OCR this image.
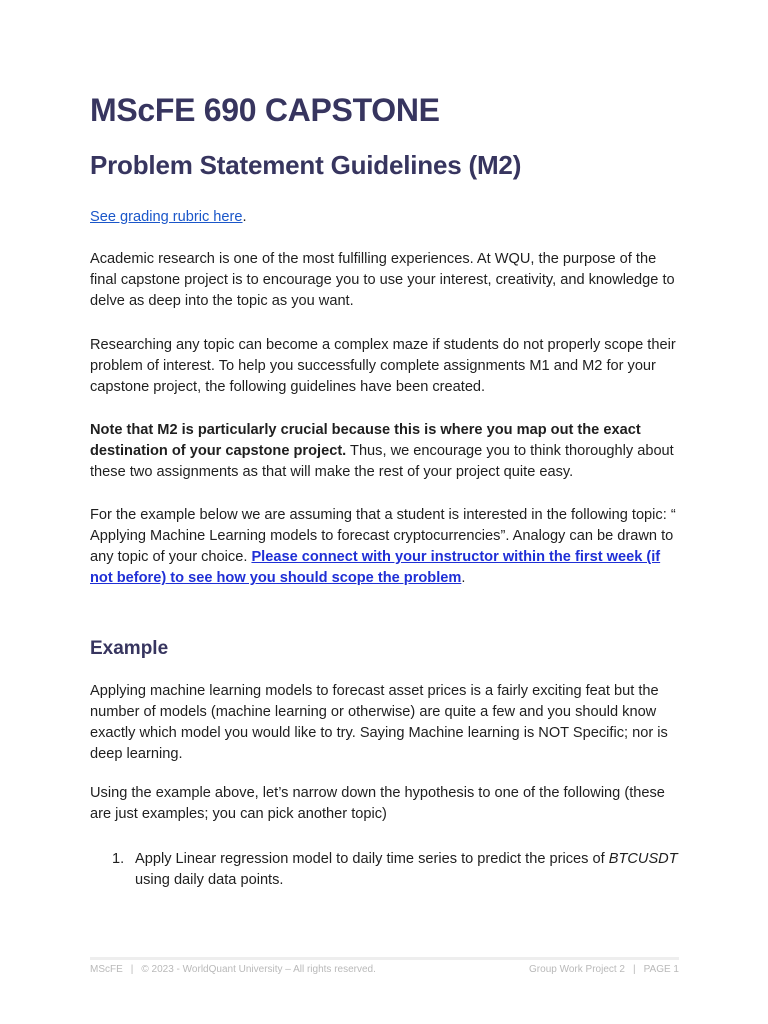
MScFE 690 CAPSTONE
Problem Statement Guidelines (M2)

See grading rubric here.

Academic research is one of the most fulfilling experiences. At WQU, the purpose of the final capstone project is to encourage you to use your interest, creativity, and knowledge to delve as deep into the topic as you want.

Researching any topic can become a complex maze if students do not properly scope their problem of interest. To help you successfully complete assignments M1 and M2 for your capstone project, the following guidelines have been created.

Note that M2 is particularly crucial because this is where you map out the exact destination of your capstone project. Thus, we encourage you to think thoroughly about these two assignments as that will make the rest of your project quite easy.

For the example below we are assuming that a student is interested in the following topic: “ Applying Machine Learning models to forecast cryptocurrencies”. Analogy can be drawn to any topic of your choice. Please connect with your instructor within the first week (if not before) to see how you should scope the problem.

Example

Applying machine learning models to forecast asset prices is a fairly exciting feat but the number of models (machine learning or otherwise) are quite a few and you should know exactly which model you would like to try. Saying Machine learning is NOT Specific; nor is deep learning.

Using the example above, let’s narrow down the hypothesis to one of the following (these are just examples; you can pick another topic)

1. Apply Linear regression model to daily time series to predict the prices of BTCUSDT using daily data points.
MScFE | © 2023 - WorldQuant University – All rights reserved.	Group Work Project 2 | PAGE 1
